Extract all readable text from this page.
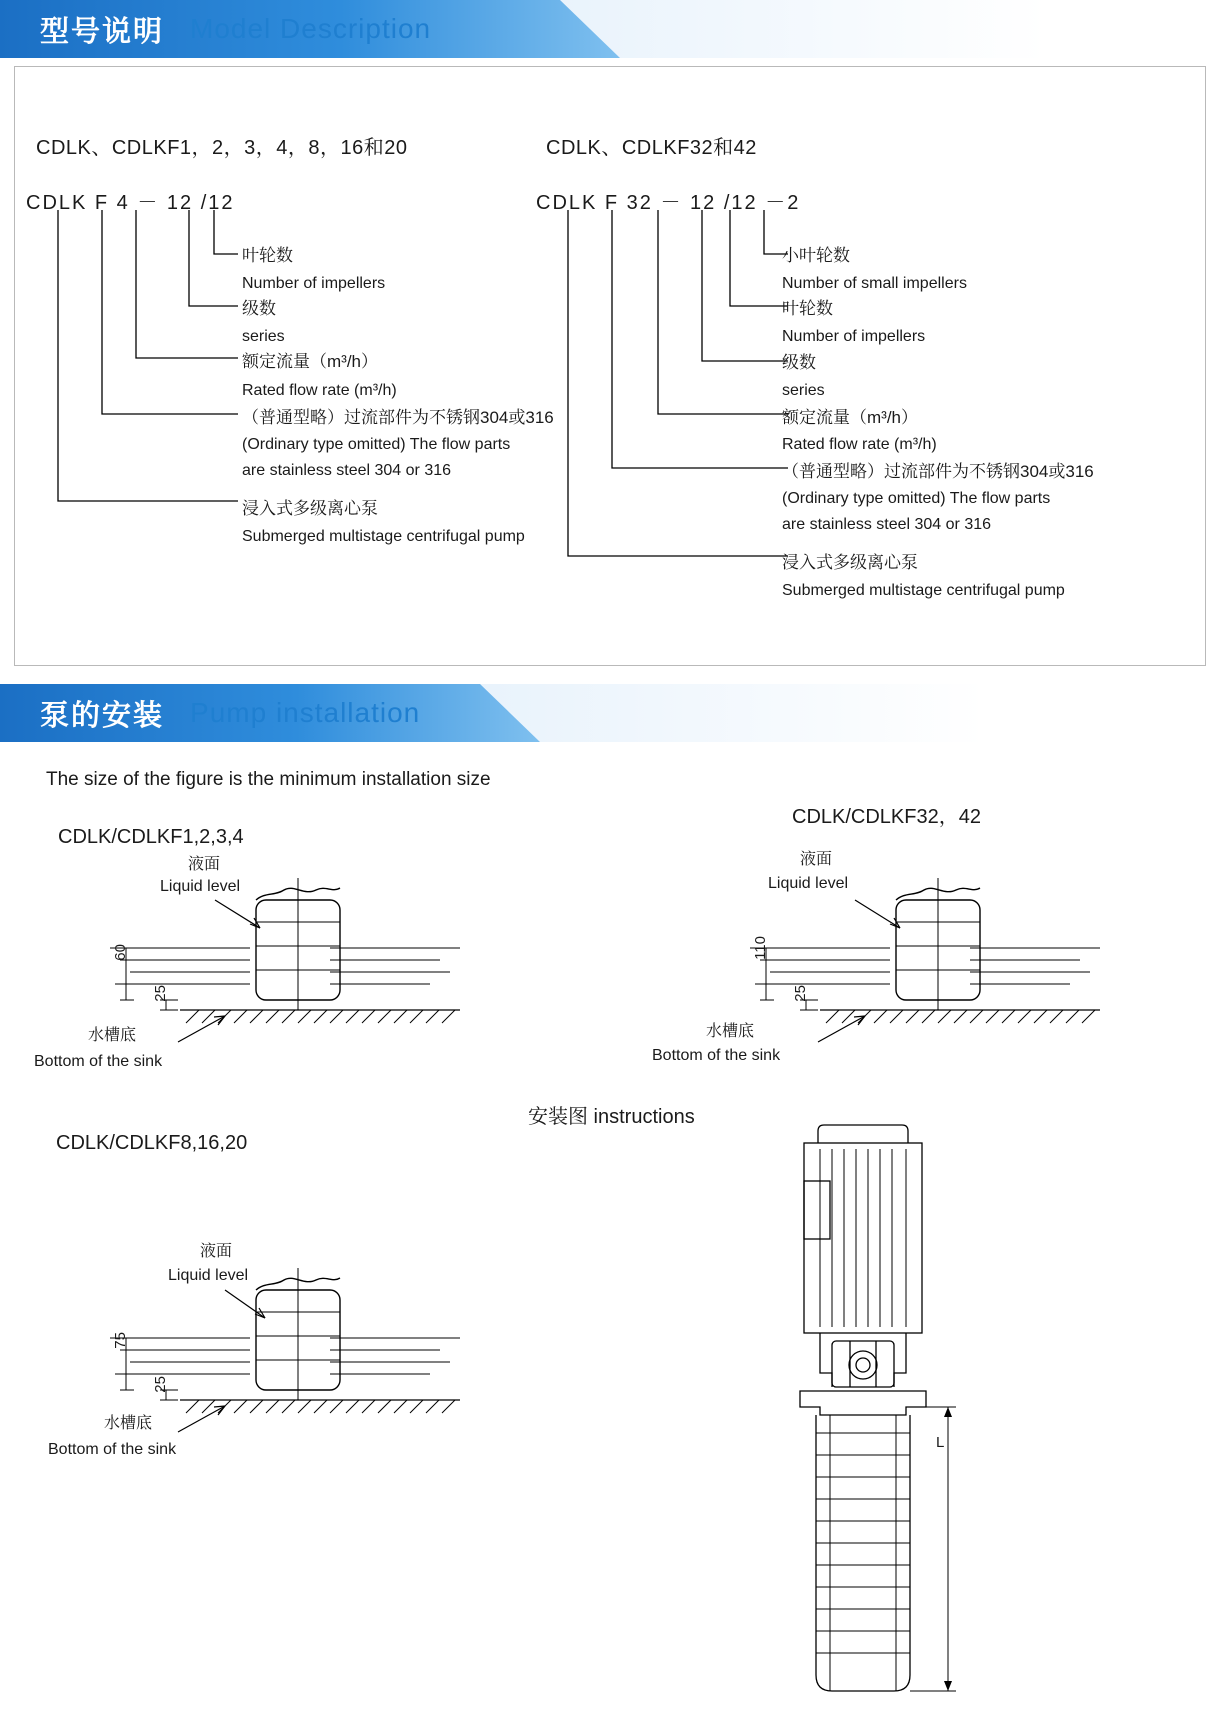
型号说明 Model Description
CDLK、CDLKF1，2，3，4，8，16和20
CDLK F 4 － 12 /12
叶轮数
Number of impellers
级数
series
额定流量（m³/h）
Rated flow rate (m³/h)
（普通型略）过流部件为不锈钢304或316
(Ordinary type omitted) The flow parts
are stainless steel 304 or 316
浸入式多级离心泵
Submerged multistage centrifugal pump
CDLK、CDLKF32和42
CDLK F 32 － 12 /12 －2
小叶轮数
Number of small impellers
叶轮数
Number of impellers
级数
series
额定流量（m³/h）
Rated flow rate (m³/h)
（普通型略）过流部件为不锈钢304或316
(Ordinary type omitted) The flow parts
are stainless steel 304 or 316
浸入式多级离心泵
Submerged multistage centrifugal pump
泵的安装 Pump installation
The size of the figure is the minimum installation size
CDLK/CDLKF1,2,3,4
液面
Liquid level
60
25
水槽底
Bottom of the sink
CDLK/CDLKF32，42
液面
Liquid level
110
25
水槽底
Bottom of the sink
CDLK/CDLKF8,16,20
液面
Liquid level
75
25
水槽底
Bottom of the sink
安装图 instructions
L
